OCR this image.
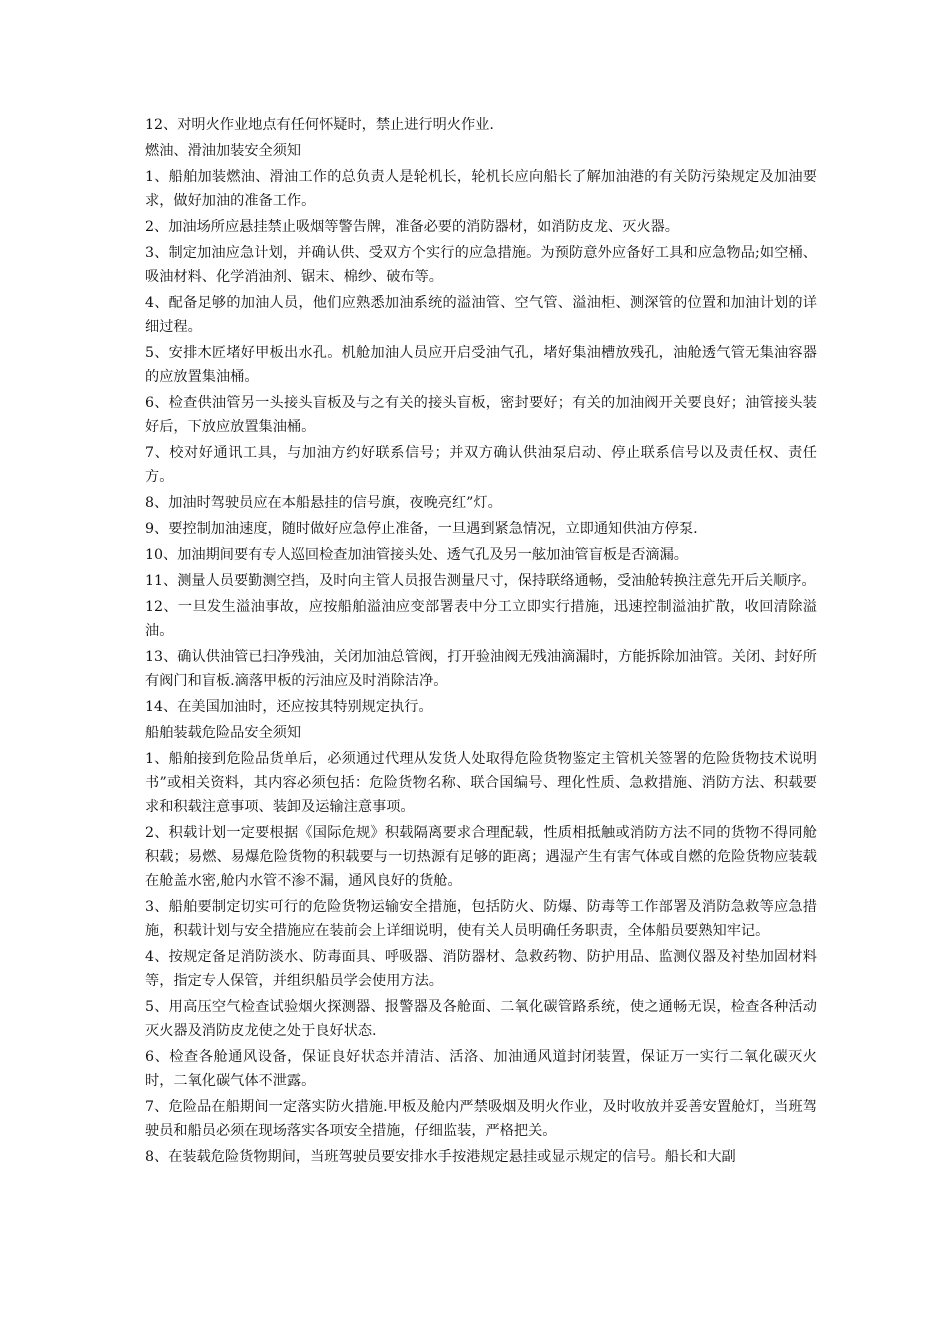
12、对明火作业地点有任何怀疑时，禁止进行明火作业.

燃油、滑油加装安全须知

1、船舶加装燃油、滑油工作的总负责人是轮机长，轮机长应向船长了解加油港的有关防污染规定及加油要求，做好加油的准备工作。

2、加油场所应悬挂禁止吸烟等警告牌，准备必要的消防器材，如消防皮龙、灭火器。

3、制定加油应急计划，并确认供、受双方个实行的应急措施。为预防意外应备好工具和应急物品;如空桶、吸油材料、化学消油剂、锯末、棉纱、破布等。

4、配备足够的加油人员，他们应熟悉加油系统的溢油管、空气管、溢油柜、测深管的位置和加油计划的详细过程。

5、安排木匠堵好甲板出水孔。机舱加油人员应开启受油气孔，堵好集油槽放残孔，油舱透气管无集油容器的应放置集油桶。

6、检查供油管另一头接头盲板及与之有关的接头盲板，密封要好；有关的加油阀开关要良好；油管接头装好后，下放应放置集油桶。

7、校对好通讯工具，与加油方约好联系信号；并双方确认供油泵启动、停止联系信号以及责任权、责任方。

8、加油时驾驶员应在本船悬挂的信号旗，夜晚亮红”灯。

9、要控制加油速度，随时做好应急停止准备，一旦遇到紧急情况，立即通知供油方停泵.

10、加油期间要有专人巡回检查加油管接头处、透气孔及另一舷加油管盲板是否滴漏。

11、测量人员要勤测空挡，及时向主管人员报告测量尺寸，保持联络通畅，受油舱转换注意先开后关顺序。

12、一旦发生溢油事故，应按船舶溢油应变部署表中分工立即实行措施，迅速控制溢油扩散，收回清除溢油。

13、确认供油管已扫净残油，关闭加油总管阀，打开验油阀无残油滴漏时，方能拆除加油管。关闭、封好所有阀门和盲板.滴落甲板的污油应及时消除洁净。

14、在美国加油时，还应按其特别规定执行。

船舶装载危险品安全须知

1、船舶接到危险品货单后，必须通过代理从发货人处取得危险货物鉴定主管机关签署的危险货物技术说明书”或相关资料，其内容必须包括：危险货物名称、联合国编号、理化性质、急救措施、消防方法、积载要求和积载注意事项、装卸及运输注意事项。

2、积载计划一定要根据《国际危规》积载隔离要求合理配载，性质相抵触或消防方法不同的货物不得同舱积载；易燃、易爆危险货物的积载要与一切热源有足够的距离；遇湿产生有害气体或自燃的危险货物应装载在舱盖水密,舱内水管不渗不漏，通风良好的货舱。

3、船舶要制定切实可行的危险货物运输安全措施，包括防火、防爆、防毒等工作部署及消防急救等应急措施，积载计划与安全措施应在装前会上详细说明，使有关人员明确任务职责，全体船员要熟知牢记。

4、按规定备足消防淡水、防毒面具、呼吸器、消防器材、急救药物、防护用品、监测仪器及衬垫加固材料等，指定专人保管，并组织船员学会使用方法。

5、用高压空气检查试验烟火探测器、报警器及各舱面、二氧化碳管路系统，使之通畅无误，检查各种活动灭火器及消防皮龙使之处于良好状态.

6、检查各舱通风设备，保证良好状态并清洁、活洛、加油通风道封闭装置，保证万一实行二氧化碳灭火时，二氧化碳气体不泄露。

7、危险品在船期间一定落实防火措施.甲板及舱内严禁吸烟及明火作业，及时收放并妥善安置舱灯，当班驾驶员和船员必须在现场落实各项安全措施，仔细监装，严格把关。

8、在装载危险货物期间，当班驾驶员要安排水手按港规定悬挂或显示规定的信号。船长和大副
